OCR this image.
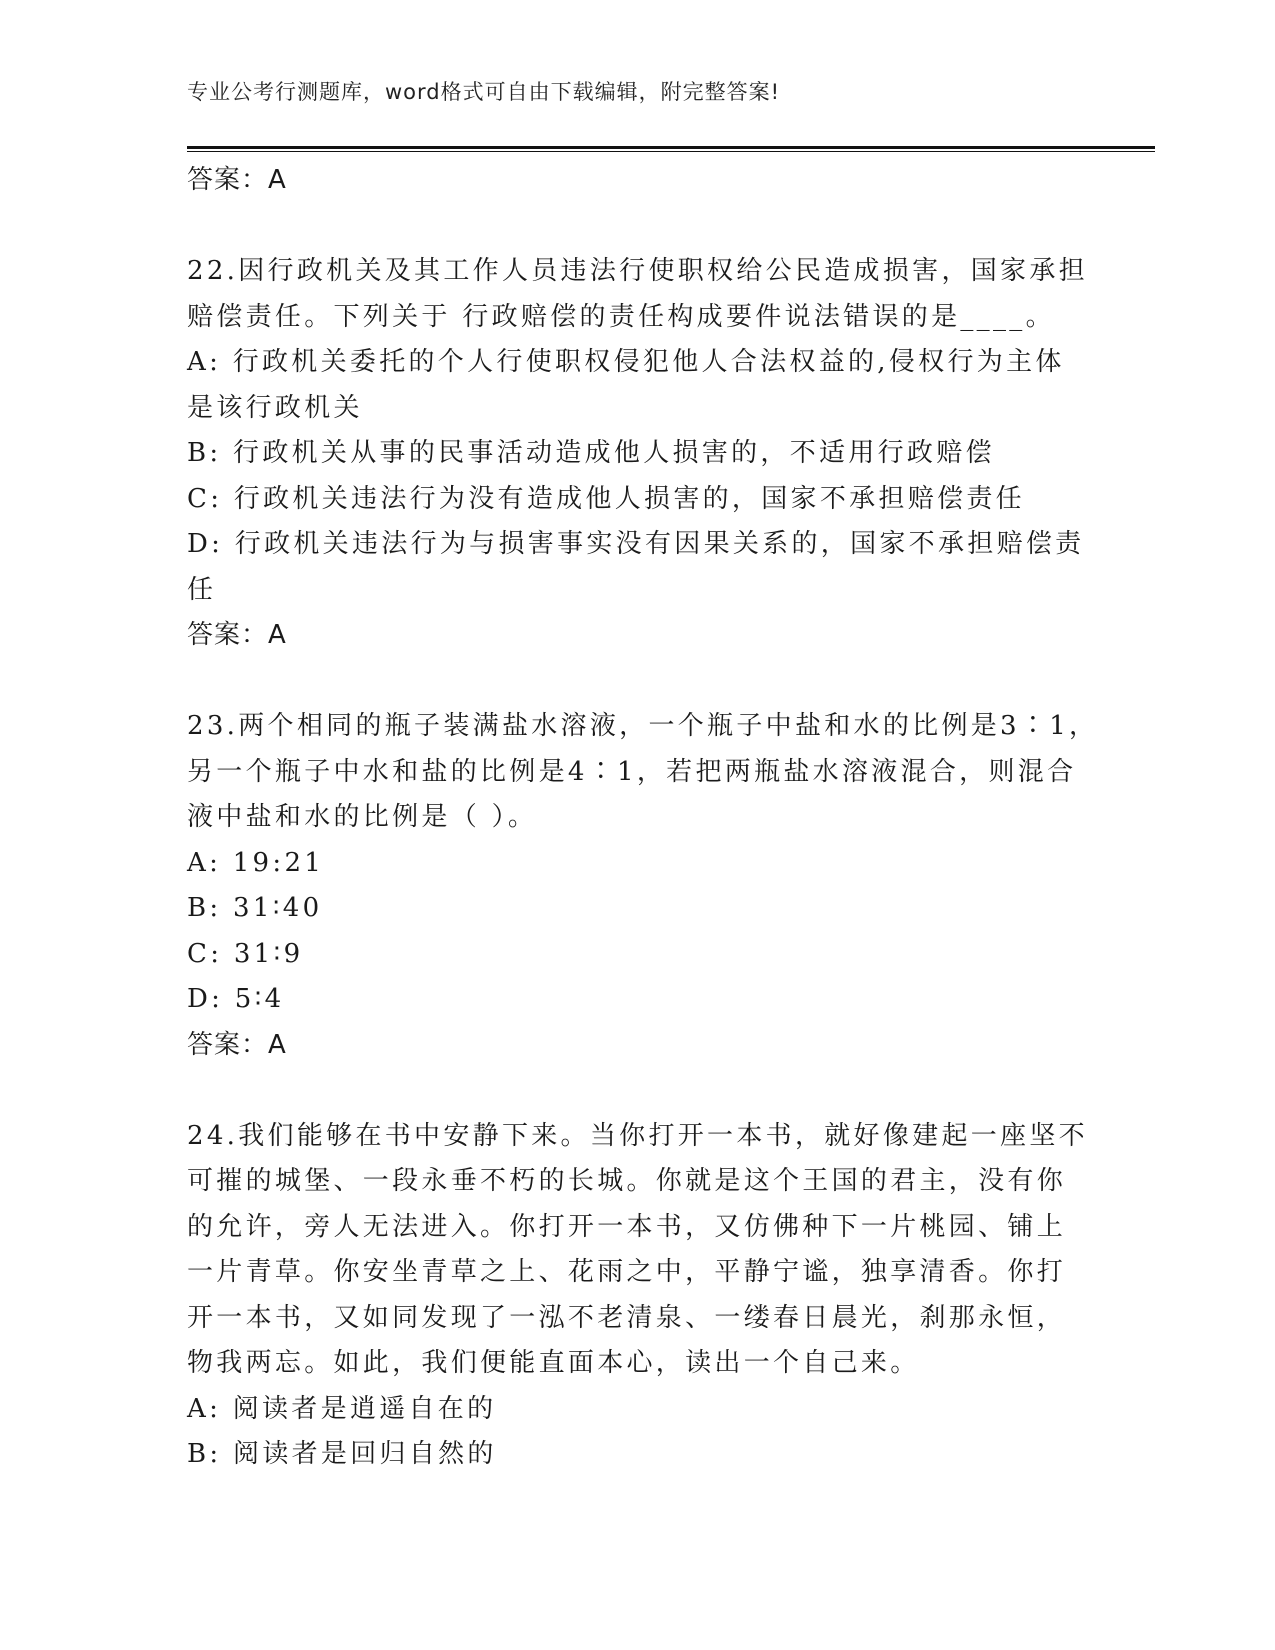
专业公考行测题库，word格式可自由下载编辑，附完整答案!
答案：A
22.因行政机关及其工作人员违法行使职权给公民造成损害，国家承担
赔偿责任。下列关于 行政赔偿的责任构成要件说法错误的是____。
A: 行政机关委托的个人行使职权侵犯他人合法权益的,侵权行为主体
是该行政机关
B: 行政机关从事的民事活动造成他人损害的，不适用行政赔偿
C: 行政机关违法行为没有造成他人损害的，国家不承担赔偿责任
D: 行政机关违法行为与损害事实没有因果关系的，国家不承担赔偿责
任
答案：A
23.两个相同的瓶子装满盐水溶液，一个瓶子中盐和水的比例是3∶1，
另一个瓶子中水和盐的比例是4∶1，若把两瓶盐水溶液混合，则混合
液中盐和水的比例是（ ）。
A: 19:21
B: 31∶40
C: 31∶9
D: 5∶4
答案：A
24.我们能够在书中安静下来。当你打开一本书，就好像建起一座坚不
可摧的城堡、一段永垂不朽的长城。你就是这个王国的君主，没有你
的允许，旁人无法进入。你打开一本书，又仿佛种下一片桃园、铺上
一片青草。你安坐青草之上、花雨之中，平静宁谧，独享清香。你打
开一本书，又如同发现了一泓不老清泉、一缕春日晨光，刹那永恒，
物我两忘。如此，我们便能直面本心，读出一个自己来。
A: 阅读者是逍遥自在的
B: 阅读者是回归自然的
